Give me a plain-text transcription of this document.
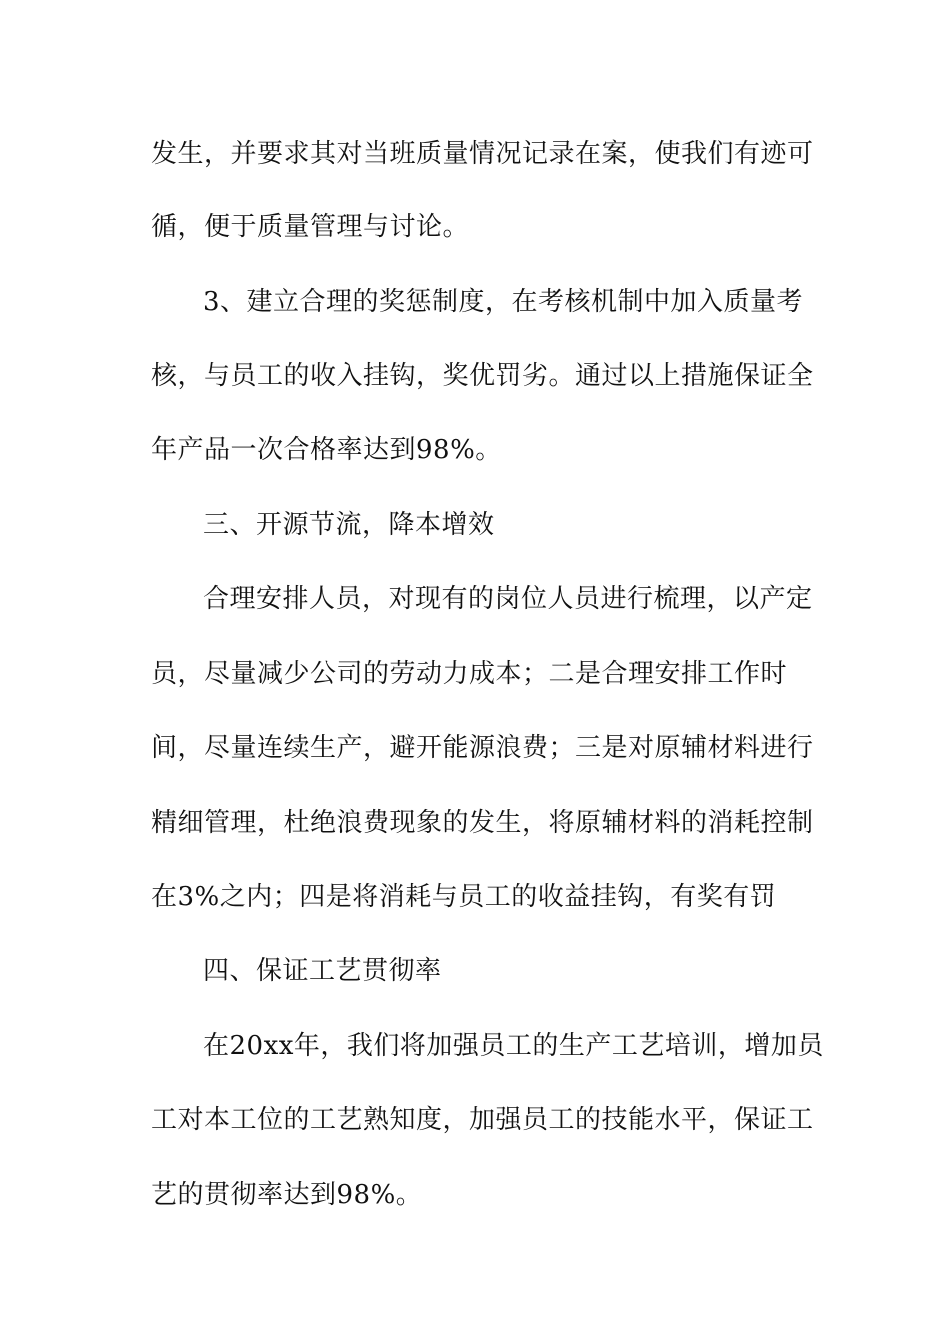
发生，并要求其对当班质量情况记录在案，使我们有迹可
循，便于质量管理与讨论。
3、建立合理的奖惩制度，在考核机制中加入质量考
核，与员工的收入挂钩，奖优罚劣。通过以上措施保证全
年产品一次合格率达到98%。
三、开源节流，降本增效
合理安排人员，对现有的岗位人员进行梳理，以产定
员，尽量减少公司的劳动力成本；二是合理安排工作时
间，尽量连续生产，避开能源浪费；三是对原辅材料进行
精细管理，杜绝浪费现象的发生，将原辅材料的消耗控制
在3%之内；四是将消耗与员工的收益挂钩，有奖有罚
四、保证工艺贯彻率
在20xx年，我们将加强员工的生产工艺培训，增加员
工对本工位的工艺熟知度，加强员工的技能水平，保证工
艺的贯彻率达到98%。
